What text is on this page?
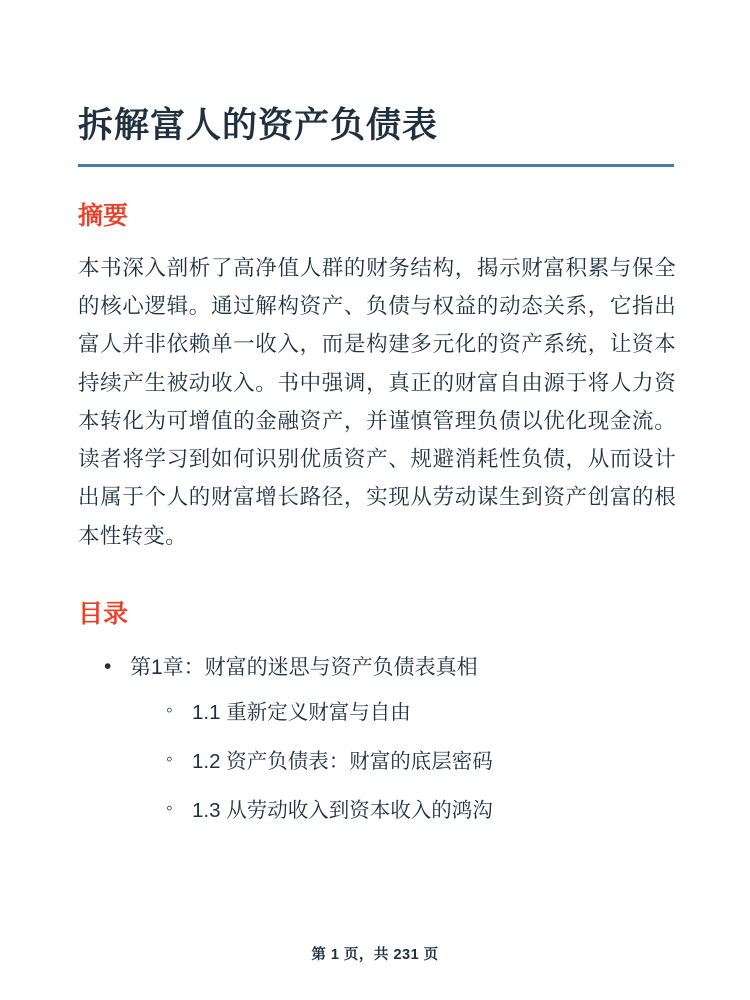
拆解富人的资产负债表
摘要

本书深入剖析了高净值人群的财务结构，揭示财富积累与保全的核心逻辑。通过解构资产、负债与权益的动态关系，它指出富人并非依赖单一收入，而是构建多元化的资产系统，让资本持续产生被动收入。书中强调，真正的财富自由源于将人力资本转化为可增值的金融资产，并谨慎管理负债以优化现金流。读者将学习到如何识别优质资产、规避消耗性负债，从而设计出属于个人的财富增长路径，实现从劳动谋生到资产创富的根本性转变。

目录
• 第1章：财富的迷思与资产负债表真相
◦ 1.1 重新定义财富与自由
◦ 1.2 资产负债表：财富的底层密码
◦ 1.3 从劳动收入到资本收入的鸿沟
第 1 页，共 231 页
